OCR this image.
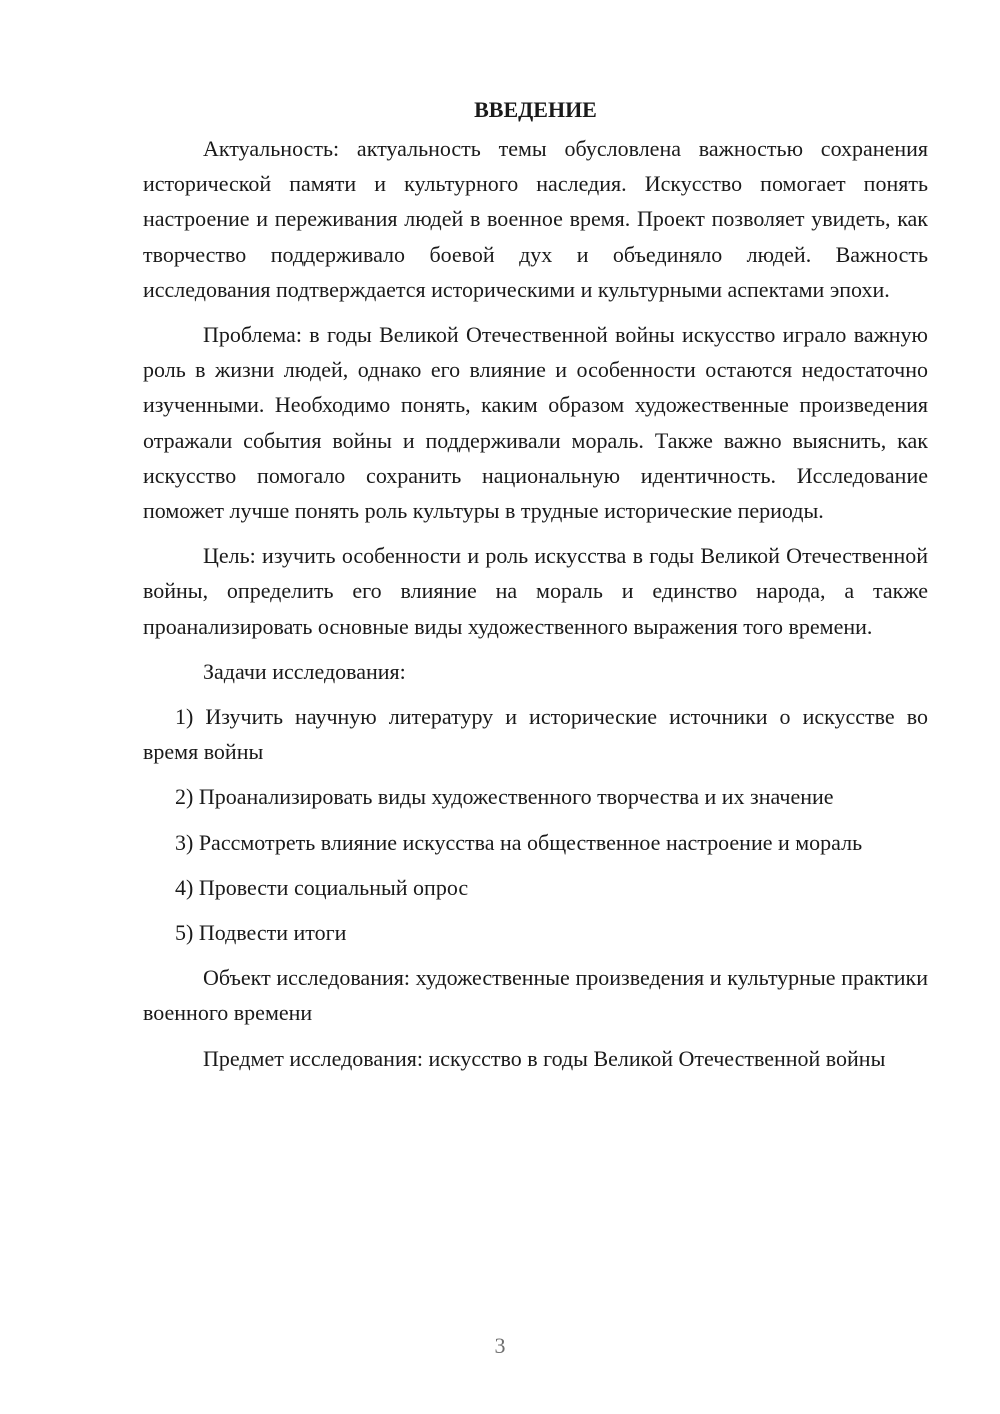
ВВЕДЕНИЕ

Актуальность: актуальность темы обусловлена важностью сохранения исторической памяти и культурного наследия. Искусство помогает понять настроение и переживания людей в военное время. Проект позволяет увидеть, как творчество поддерживало боевой дух и объединяло людей. Важность исследования подтверждается историческими и культурными аспектами эпохи.

Проблема: в годы Великой Отечественной войны искусство играло важную роль в жизни людей, однако его влияние и особенности остаются недостаточно изученными. Необходимо понять, каким образом художественные произведения отражали события войны и поддерживали мораль. Также важно выяснить, как искусство помогало сохранить национальную идентичность. Исследование поможет лучше понять роль культуры в трудные исторические периоды.

Цель: изучить особенности и роль искусства в годы Великой Отечественной войны, определить его влияние на мораль и единство народа, а также проанализировать основные виды художественного выражения того времени.

Задачи исследования:

1) Изучить научную литературу и исторические источники о искусстве во время войны

2) Проанализировать виды художественного творчества и их значение

3) Рассмотреть влияние искусства на общественное настроение и мораль

4) Провести социальный опрос

5) Подвести итоги

Объект исследования: художественные произведения и культурные практики военного времени

Предмет исследования: искусство в годы Великой Отечественной войны

3
